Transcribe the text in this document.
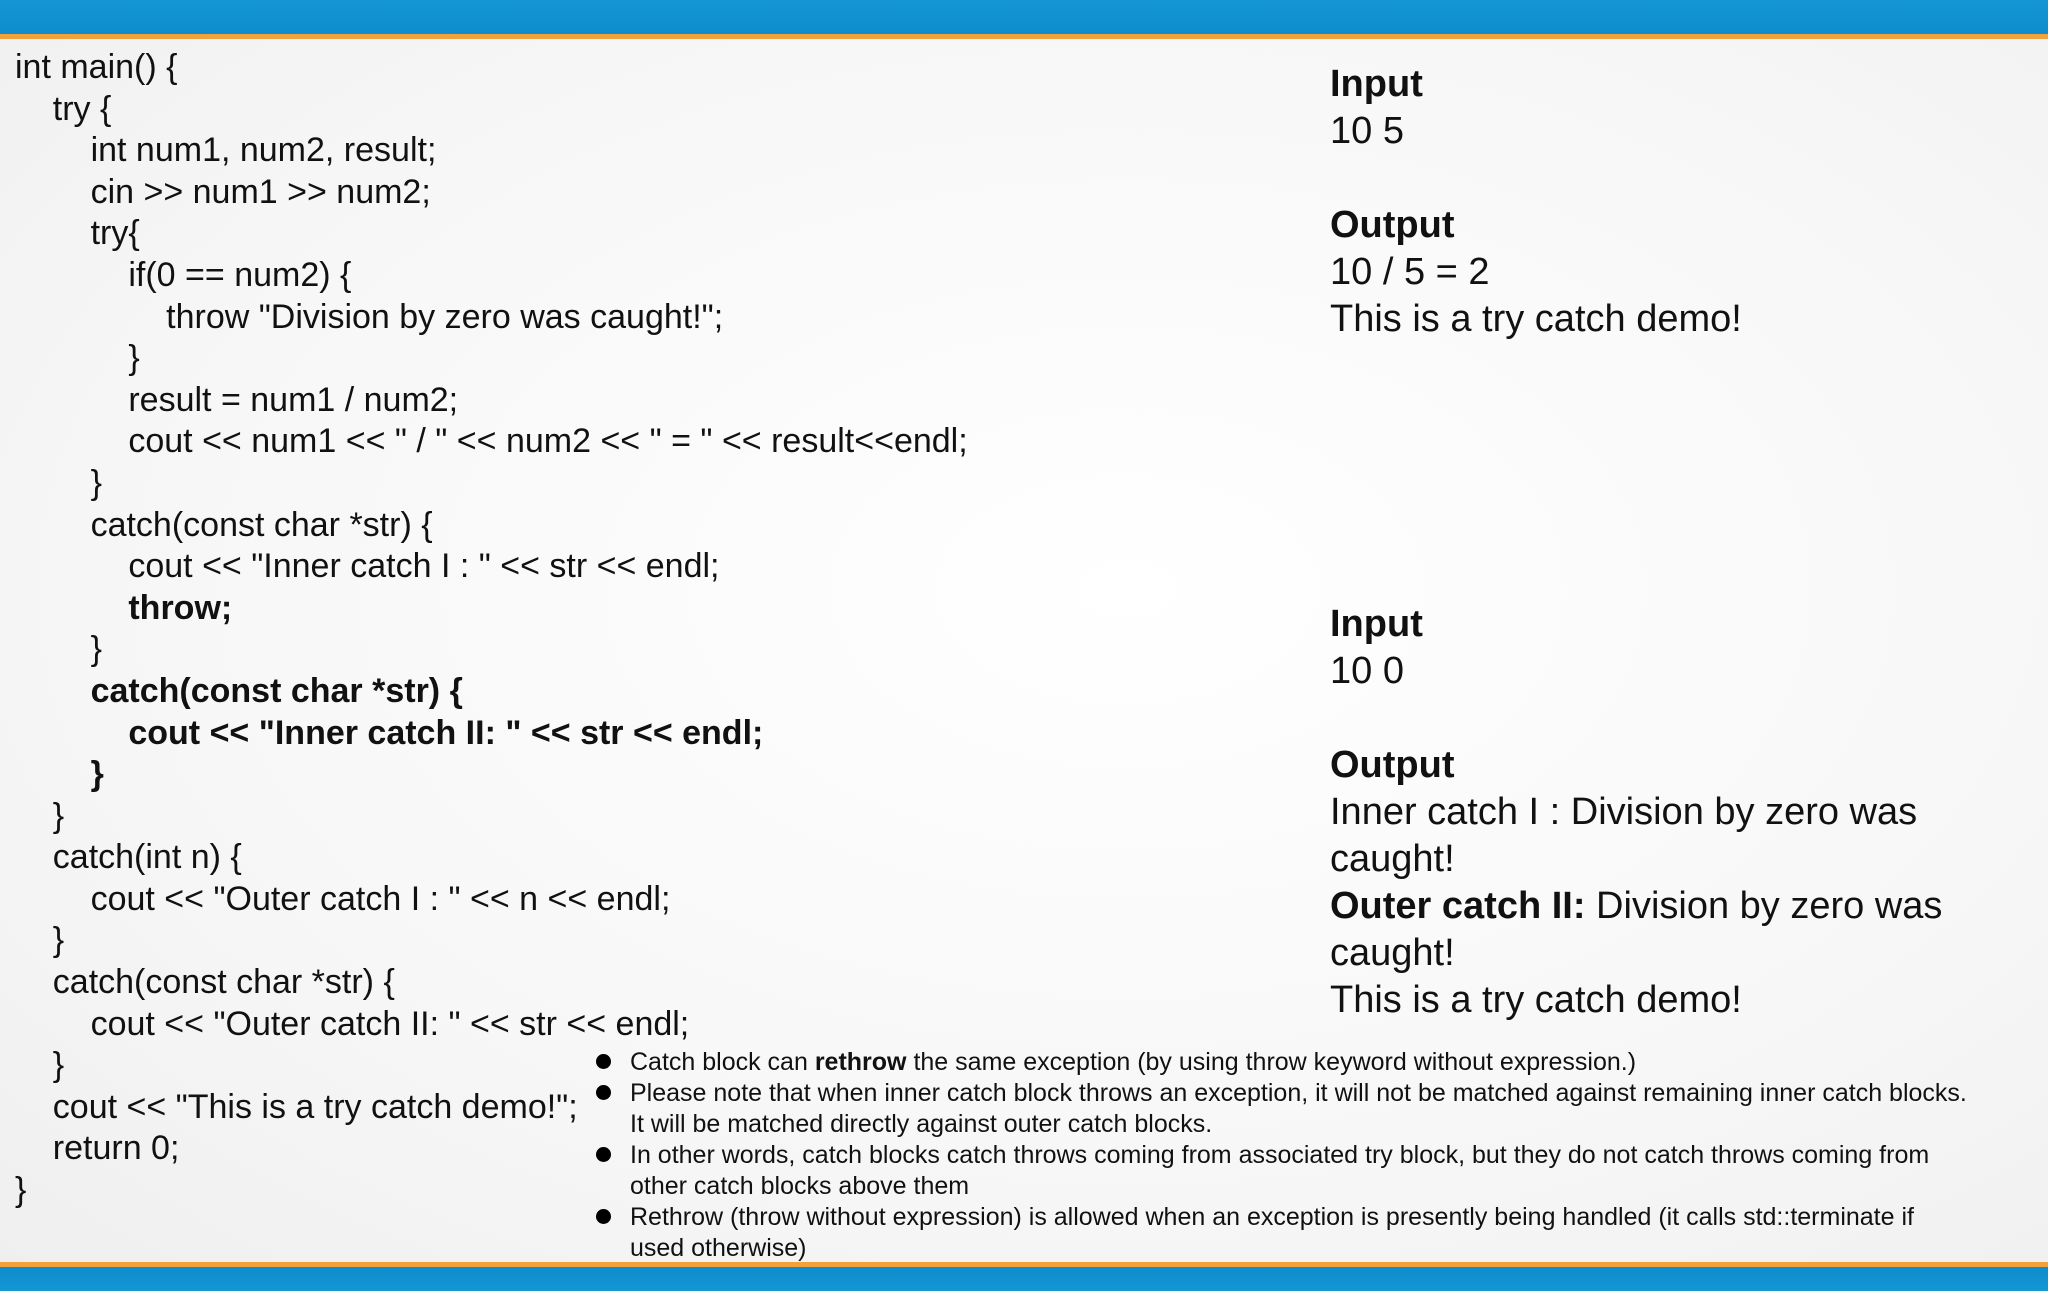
int main() {
try {
int num1, num2, result;
cin >> num1 >> num2;
try{
if(0 == num2) {
throw "Division by zero was caught!";
}
result = num1 / num2;
cout << num1 << " / " << num2 << " = " << result<<endl;
}
catch(const char *str) {
cout << "Inner catch I : " << str << endl;
throw;
}
catch(const char *str) {
cout << "Inner catch II: " << str << endl;
}
}
catch(int n) {
cout << "Outer catch I : " << n << endl;
}
catch(const char *str) {
cout << "Outer catch II: " << str << endl;
}
cout << "This is a try catch demo!";
return 0;
}
Input
10 5
Output
10 / 5 = 2
This is a try catch demo!
Input
10 0
Output
Inner catch I : Division by zero was
caught!
Outer catch II: Division by zero was
caught!
This is a try catch demo!
Catch block can rethrow the same exception (by using throw keyword without expression.)
Please note that when inner catch block throws an exception, it will not be matched against remaining inner catch blocks.
It will be matched directly against outer catch blocks.
In other words, catch blocks catch throws coming from associated try block, but they do not catch throws coming from
other catch blocks above them
Rethrow (throw without expression) is allowed when an exception is presently being handled (it calls std::terminate if
used otherwise)
